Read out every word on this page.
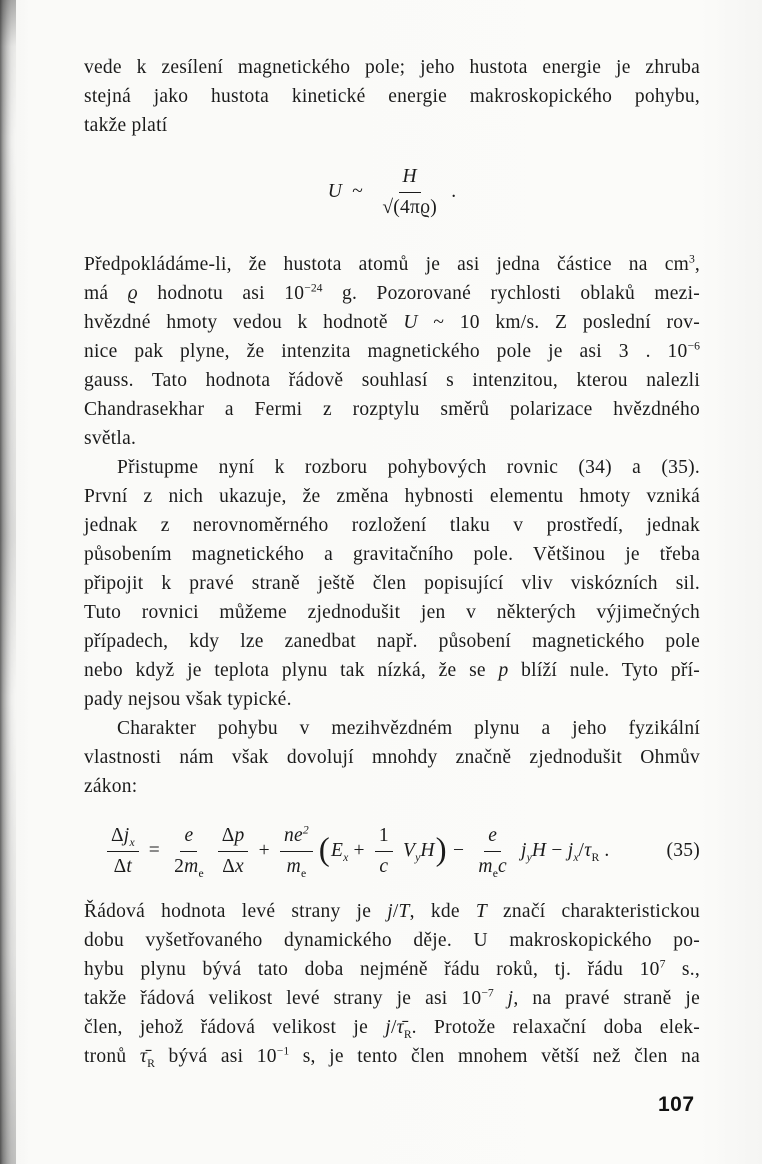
vede k zesílení magnetického pole; jeho hustota energie je zhruba
stejná jako hustota kinetické energie makroskopického pohybu,
takže platí
U  ~ $\frac{H}{√(4\pi ϱ)}$ .
Předpokládáme-li, že hustota atomů je asi jedna částice na $cm^3$,
má ϱ hodnotu asi $10^{-24}$ g. Pozorované rychlosti oblaků mezi-
hvězdné hmoty vedou k hodnotě U ~ 10 km/s. Z poslední rov-
nice pak plyne, že intenzita magnetického pole je asi 3 . $10^{-6}$
gauss. Tato hodnota řádově souhlasí s intenzitou, kterou nalezli
Chandrasekhar a Fermi z rozptylu směrů polarizace hvězdného
světla.
Přistupme nyní k rozboru pohybových rovnic (34) a (35).
První z nich ukazuje, že změna hybnosti elementu hmoty vzniká
jednak z nerovnoměrného rozložení tlaku v prostředí, jednak
působením magnetického a gravitačního pole. Většinou je třeba
připojit k pravé straně ještě člen popisující vliv viskózních sil.
Tuto rovnici můžeme zjednodušit jen v některých výjimečných
případech, kdy lze zanedbat např. působení magnetického pole
nebo když je teplota plynu tak nízká, že se p blíží nule. Tyto pří-
pady nejsou však typické.
Charakter pohybu v mezihvězdném plynu a jeho fyzikální
vlastnosti nám však dovolují mnohdy značně zjednodušit Ohmův
zákon:
$\frac{\Delta j_x}{\Delta t} = \frac{e}{2m_e} \frac{\Delta p}{\Delta x} + \frac{ne^2}{m_e}$ ( $E_x + \frac{1}{c} V_yH$ ) − $\frac{e}{m_ec} j_yH - j_x/\tau_R$ .	(35)
Řádová hodnota levé strany je j/T, kde T značí charakteristickou
dobu vyšetřovaného dynamického děje. U makroskopického po-
hybu plynu bývá tato doba nejméně řádu roků, tj. řádu $10^7$ s.,
takže řádová velikost levé strany je asi $10^{-7}$ j, na pravé straně je
člen, jehož řádová velikost je $j/\taū_R$. Protože relaxační doba elek-
tronů $\taū_R$ bývá asi $10^{-1}$ s, je tento člen mnohem větší než člen na
107
